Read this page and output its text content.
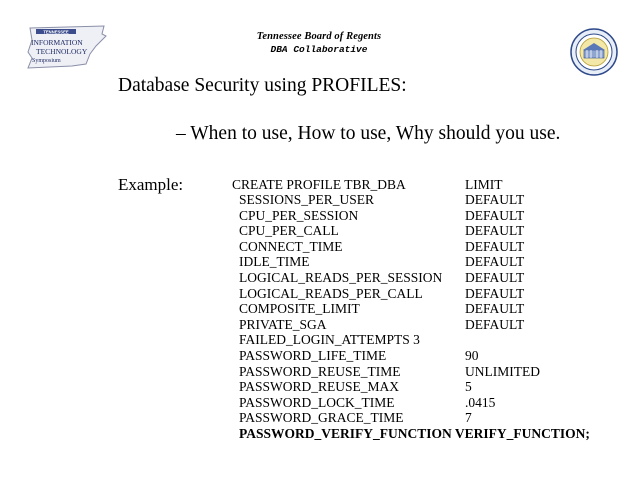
TENNESSEE
INFORMATION
TECHNOLOGY
Symposium
Tennessee Board of Regents
DBA Collaborative
Database Security using PROFILES:
– When to use, How to use, Why should you use.
Example:	CREATE PROFILE TBR_DBA	LIMIT
SESSIONS_PER_USER	DEFAULT
CPU_PER_SESSION	DEFAULT
CPU_PER_CALL	DEFAULT
CONNECT_TIME	DEFAULT
IDLE_TIME	DEFAULT
LOGICAL_READS_PER_SESSION DEFAULT
LOGICAL_READS_PER_CALL	DEFAULT
COMPOSITE_LIMIT	DEFAULT
PRIVATE_SGA	DEFAULT
FAILED_LOGIN_ATTEMPTS 3
PASSWORD_LIFE_TIME	90
PASSWORD_REUSE_TIME	UNLIMITED
PASSWORD_REUSE_MAX	5
PASSWORD_LOCK_TIME	.0415
PASSWORD_GRACE_TIME	7
PASSWORD_VERIFY_FUNCTION VERIFY_FUNCTION;
